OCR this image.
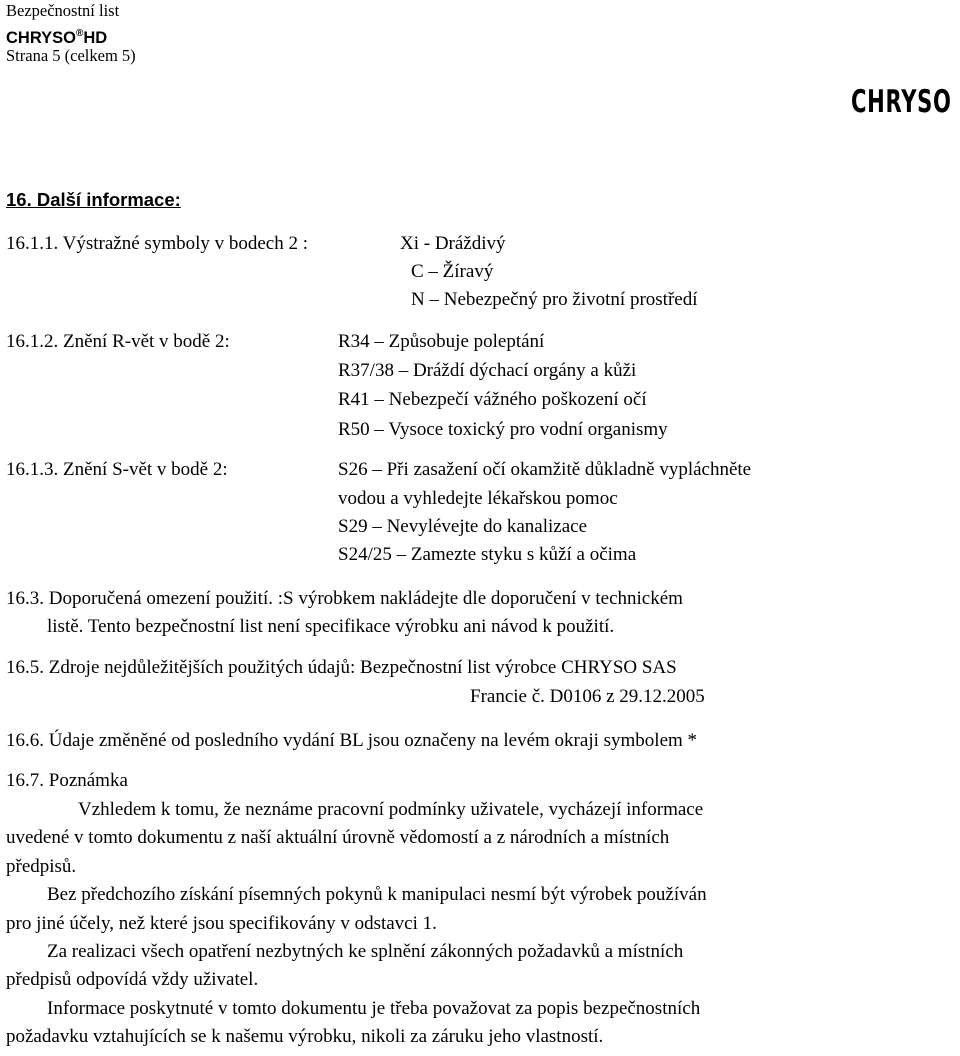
Bezpečnostní list
CHRYSO®HD
Strana 5 (celkem 5)
CHRYSO
16. Další informace:
16.1.1. Výstražné symboly v bodech 2 :	Xi - Dráždivý
C – Žíravý
N – Nebezpečný pro životní prostředí
16.1.2. Znění R-vět v bodě 2:	R34 – Způsobuje poleptání
R37/38 – Dráždí dýchací orgány a kůži
R41 – Nebezpečí vážného poškození očí
R50 – Vysoce toxický pro vodní organismy
16.1.3. Znění S-vět v bodě 2:	S26 – Při zasažení očí okamžitě důkladně vypláchněte
vodou a vyhledejte lékařskou pomoc
S29 – Nevylévejte do kanalizace
S24/25 – Zamezte styku s kůží a očima
16.3. Doporučená omezení použití. :S výrobkem nakládejte dle doporučení v technickém
listě. Tento bezpečnostní list není specifikace výrobku ani návod k použití.
16.5. Zdroje nejdůležitějších použitých údajů: Bezpečnostní list výrobce CHRYSO SAS
Francie č. D0106 z 29.12.2005
16.6. Údaje změněné od posledního vydání BL jsou označeny na levém okraji symbolem *
16.7. Poznámka
Vzhledem k tomu, že neznáme pracovní podmínky uživatele, vycházejí informace
uvedené v tomto dokumentu z naší aktuální úrovně vědomostí a z národních a místních
předpisů.
Bez předchozího získání písemných pokynů k manipulaci nesmí být výrobek používán
pro jiné účely, než které jsou specifikovány v odstavci 1.
Za realizaci všech opatření nezbytných ke splnění zákonných požadavků a místních
předpisů odpovídá vždy uživatel.
Informace poskytnuté v tomto dokumentu je třeba považovat za popis bezpečnostních
požadavku vztahujících se k našemu výrobku, nikoli za záruku jeho vlastností.
